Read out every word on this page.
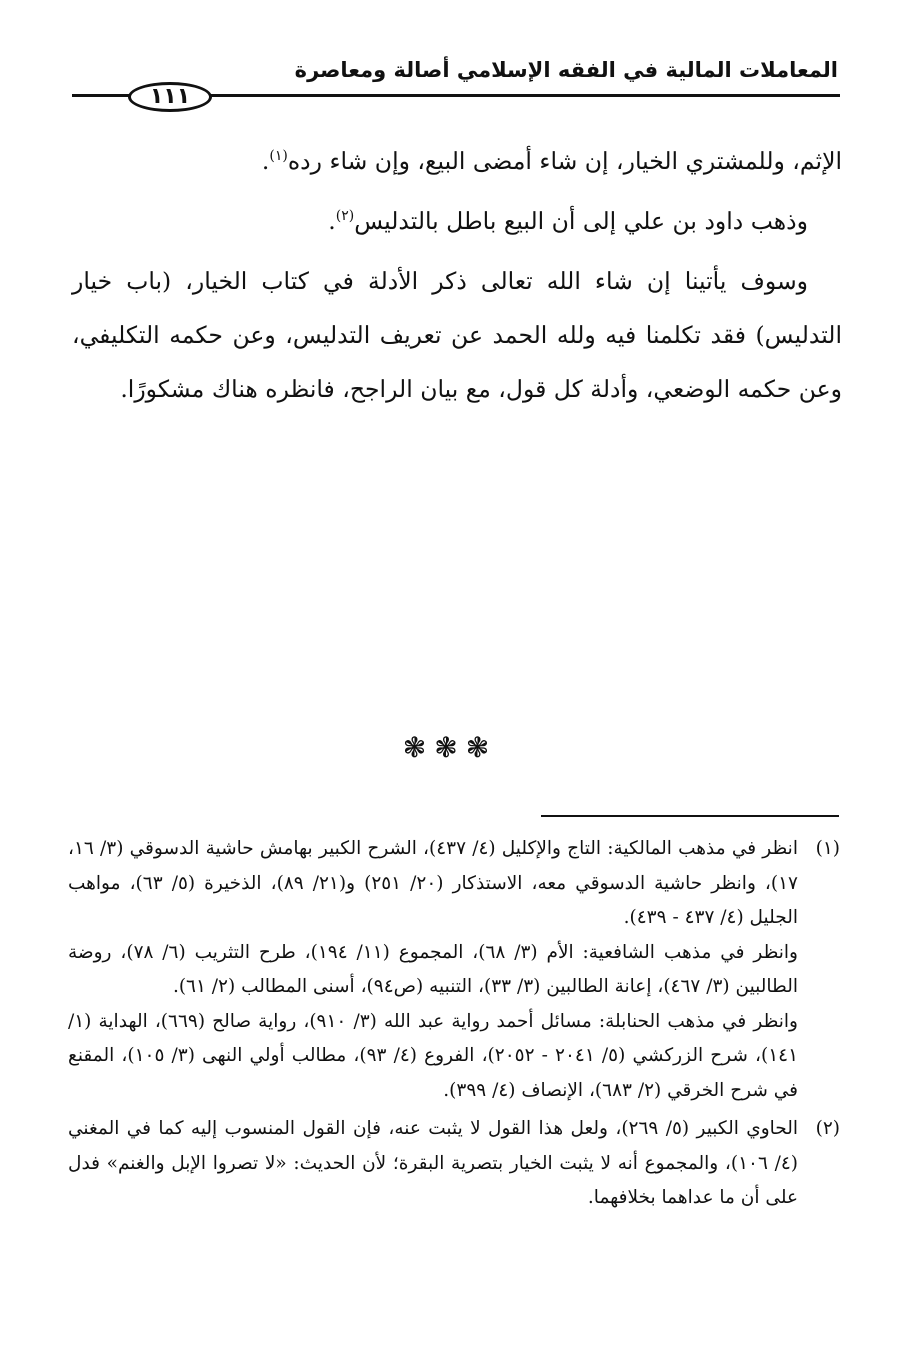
المعاملات المالية في الفقه الإسلامي أصالة ومعاصرة
١١١

الإثم، وللمشتري الخيار، إن شاء أمضى البيع، وإن شاء رده$^{(١)}$.

وذهب داود بن علي إلى أن البيع باطل بالتدليس$^{(٢)}$.

وسوف يأتينا إن شاء الله تعالى ذكر الأدلة في كتاب الخيار، (باب خيار التدليس) فقد تكلمنا فيه ولله الحمد عن تعريف التدليس، وعن حكمه التكليفي، وعن حكمه الوضعي، وأدلة كل قول، مع بيان الراجح، فانظره هناك مشكورًا.

❃❃❃
(١)

انظر في مذهب المالكية: التاج والإكليل (٤/ ٤٣٧)، الشرح الكبير بهامش حاشية الدسوقي (٣/ ١٦، ١٧)، وانظر حاشية الدسوقي معه، الاستذكار (٢٠/ ٢٥١) و(٢١/ ٨٩)، الذخيرة (٥/ ٦٣)، مواهب الجليل (٤/ ٤٣٧ - ٤٣٩).

وانظر في مذهب الشافعية: الأم (٣/ ٦٨)، المجموع (١١/ ١٩٤)، طرح التثريب (٦/ ٧٨)، روضة الطالبين (٣/ ٤٦٧)، إعانة الطالبين (٣/ ٣٣)، التنبيه (ص٩٤)، أسنى المطالب (٢/ ٦١).

وانظر في مذهب الحنابلة: مسائل أحمد رواية عبد الله (٣/ ٩١٠)، رواية صالح (٦٦٩)، الهداية (١/ ١٤١)، شرح الزركشي (٥/ ٢٠٤١ - ٢٠٥٢)، الفروع (٤/ ٩٣)، مطالب أولي النهى (٣/ ١٠٥)، المقنع في شرح الخرقي (٢/ ٦٨٣)، الإنصاف (٤/ ٣٩٩).

(٢)

الحاوي الكبير (٥/ ٢٦٩)، ولعل هذا القول لا يثبت عنه، فإن القول المنسوب إليه كما في المغني (٤/ ١٠٦)، والمجموع أنه لا يثبت الخيار بتصرية البقرة؛ لأن الحديث: «لا تصروا الإبل والغنم» فدل على أن ما عداهما بخلافهما.
